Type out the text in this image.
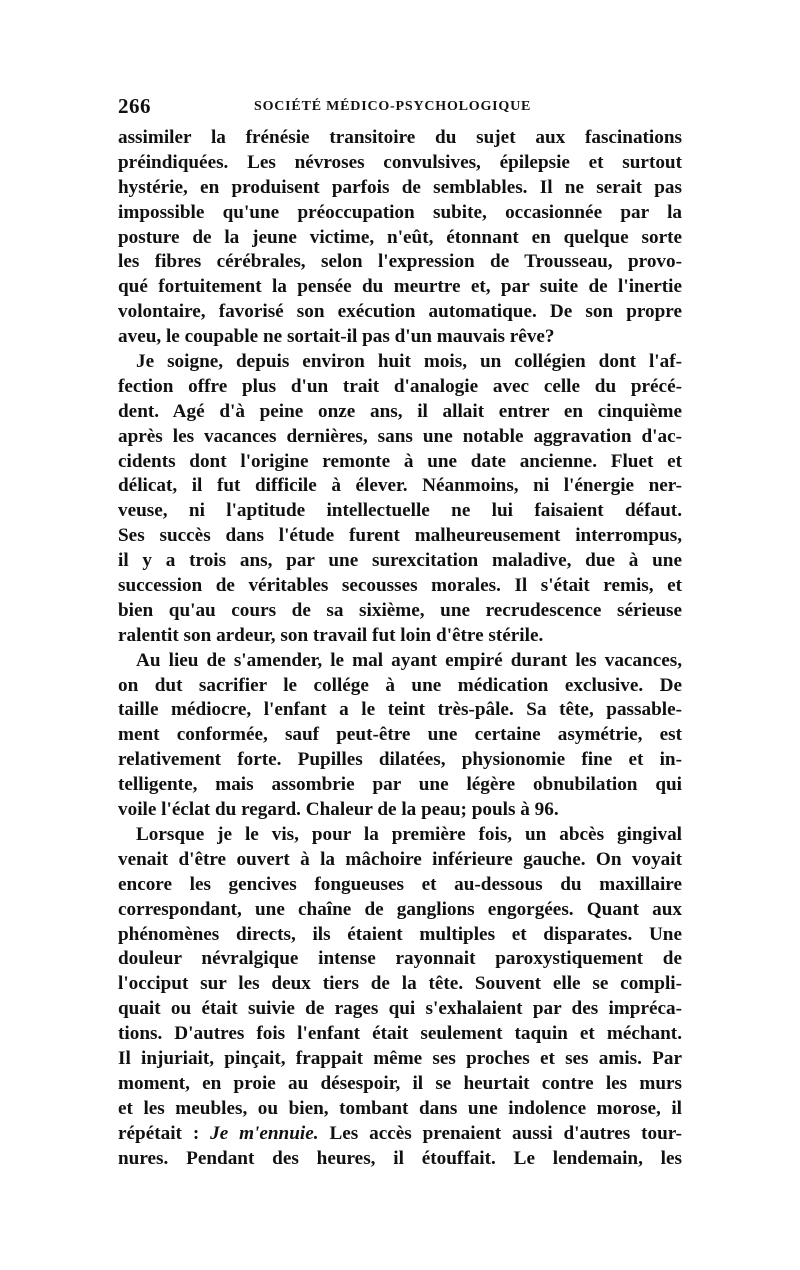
266	SOCIÉTÉ MÉDICO-PSYCHOLOGIQUE
assimiler la frénésie transitoire du sujet aux fascinations
préindiquées. Les névroses convulsives, épilepsie et surtout
hystérie, en produisent parfois de semblables. Il ne serait pas
impossible qu'une préoccupation subite, occasionnée par la
posture de la jeune victime, n'eût, étonnant en quelque sorte
les fibres cérébrales, selon l'expression de Trousseau, provo-
qué fortuitement la pensée du meurtre et, par suite de l'inertie
volontaire, favorisé son exécution automatique. De son propre
aveu, le coupable ne sortait-il pas d'un mauvais rêve?
Je soigne, depuis environ huit mois, un collégien dont l'af-
fection offre plus d'un trait d'analogie avec celle du précé-
dent. Agé d'à peine onze ans, il allait entrer en cinquième
après les vacances dernières, sans une notable aggravation d'ac-
cidents dont l'origine remonte à une date ancienne. Fluet et
délicat, il fut difficile à élever. Néanmoins, ni l'énergie ner-
veuse, ni l'aptitude intellectuelle ne lui faisaient défaut.
Ses succès dans l'étude furent malheureusement interrompus,
il y a trois ans, par une surexcitation maladive, due à une
succession de véritables secousses morales. Il s'était remis, et
bien qu'au cours de sa sixième, une recrudescence sérieuse
ralentit son ardeur, son travail fut loin d'être stérile.
Au lieu de s'amender, le mal ayant empiré durant les vacances,
on dut sacrifier le collége à une médication exclusive. De
taille médiocre, l'enfant a le teint très-pâle. Sa tête, passable-
ment conformée, sauf peut-être une certaine asymétrie, est
relativement forte. Pupilles dilatées, physionomie fine et in-
telligente, mais assombrie par une légère obnubilation qui
voile l'éclat du regard. Chaleur de la peau; pouls à 96.
Lorsque je le vis, pour la première fois, un abcès gingival
venait d'être ouvert à la mâchoire inférieure gauche. On voyait
encore les gencives fongueuses et au-dessous du maxillaire
correspondant, une chaîne de ganglions engorgées. Quant aux
phénomènes directs, ils étaient multiples et disparates. Une
douleur névralgique intense rayonnait paroxystiquement de
l'occiput sur les deux tiers de la tête. Souvent elle se compli-
quait ou était suivie de rages qui s'exhalaient par des impréca-
tions. D'autres fois l'enfant était seulement taquin et méchant.
Il injuriait, pinçait, frappait même ses proches et ses amis. Par
moment, en proie au désespoir, il se heurtait contre les murs
et les meubles, ou bien, tombant dans une indolence morose, il
répétait : Je m'ennuie. Les accès prenaient aussi d'autres tour-
nures. Pendant des heures, il étouffait. Le lendemain, les
